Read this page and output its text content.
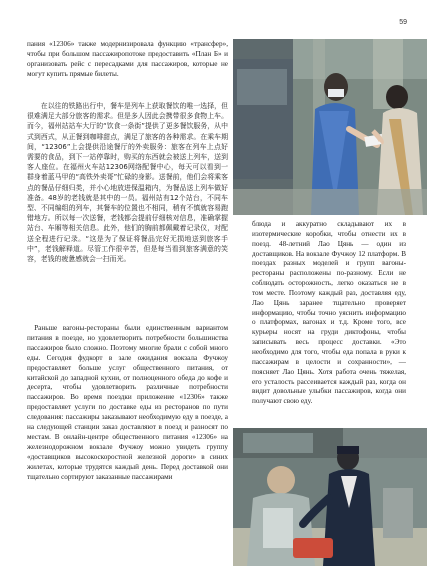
59

пания «12306» также модернизировала функцию «трансфер», чтобы при большом пассажиропотоке предоставить «План Б» и организовать рейс с пересадками для пассажиров, которые не могут купить прямые билеты.

在以往的铁路出行中，餐车是列车上获取餐饮的唯一选择，但很难满足大部分旅客的需求。但是多人因此会携带很多食物上车。而今，福州站站车大厅的“饮食一条街”提供了更多餐饮服务，从中式到西式，从正餐到咖啡甜点，满足了旅客的各种需求。在乘车期间，“12306”上会提供沿途餐厅的外卖服务：旅客在列车上点好需要的食品，到下一站停靠时，购买的东西就会被送上列车，送到客人座位。在福州火车站12306网络配餐中心，每天可以看到一群身着蓝马甲的“高铁外卖哥”忙碌的身影。送餐前，他们会将乘客点的餐品仔细归类，并小心地放进保温箱内，为餐品送上列车做好准备。48岁的老钱就是其中的一员。福州站有12个站台，不同车型、不同编组的列车，其餐车的位置也不相同，稍有不慎就容易跑错地方。所以每一次送餐，老钱都会提前仔细核对信息，准确掌握站台、车厢等相关信息。此外，他们的胸前都佩戴着记录仪，对配送全程进行记录。“这是为了保证将餐品完好无损地送到旅客手中”，老钱解释道。尽管工作很辛苦，但是每当看到旅客满意的笑容，老钱的疲惫感就会一扫而光。

Раньше вагоны-рестораны были единственным вариантом питания в поезде, но удовлетворить потребности большинства пассажиров было сложно. Поэтому многие брали с собой много еды. Сегодня фудкорт в зале ожидания вокзала Фучжоу предоставляет больше услуг общественного питания, от китайской до западной кухни, от полноценного обеда до кофе и десерта, чтобы удовлетворить различные потребности пассажиров. Во время поездки приложение «12306» также предоставляет услуги по доставке еды из ресторанов по пути следования: пассажиры заказывают необходимую еду в поезде, а на следующей станции заказ доставляют в поезд и разносят по местам. В онлайн-центре общественного питания «12306» на железнодорожном вокзале Фучжоу можно увидеть группу «доставщиков высокоскоростной железной дороги» в синих жилетах, которые трудятся каждый день. Перед доставкой они тщательно сортируют заказанные пассажирами

блюда и аккуратно складывают их в изотермические коробки, чтобы отнести их в поезд. 48-летний Лао Цянь — один из доставщиков. На вокзале Фучжоу 12 платформ. В поездах разных моделей и групп вагоны-рестораны расположены по-разному. Если не соблюдать осторожность, легко оказаться не в том месте. Поэтому каждый раз, доставляя еду, Лао Цянь заранее тщательно проверяет информацию, чтобы точно уяснить информацию о платформах, вагонах и т.д. Кроме того, все курьеры носят на груди диктофоны, чтобы записывать весь процесс доставки. «Это необходимо для того, чтобы еда попала в руки к пассажирам в целости и сохранности», — поясняет Лао Цянь. Хотя работа очень тяжелая, его усталость рассеивается каждый раз, когда он видит довольные улыбки пассажиров, когда они получают свою еду.
